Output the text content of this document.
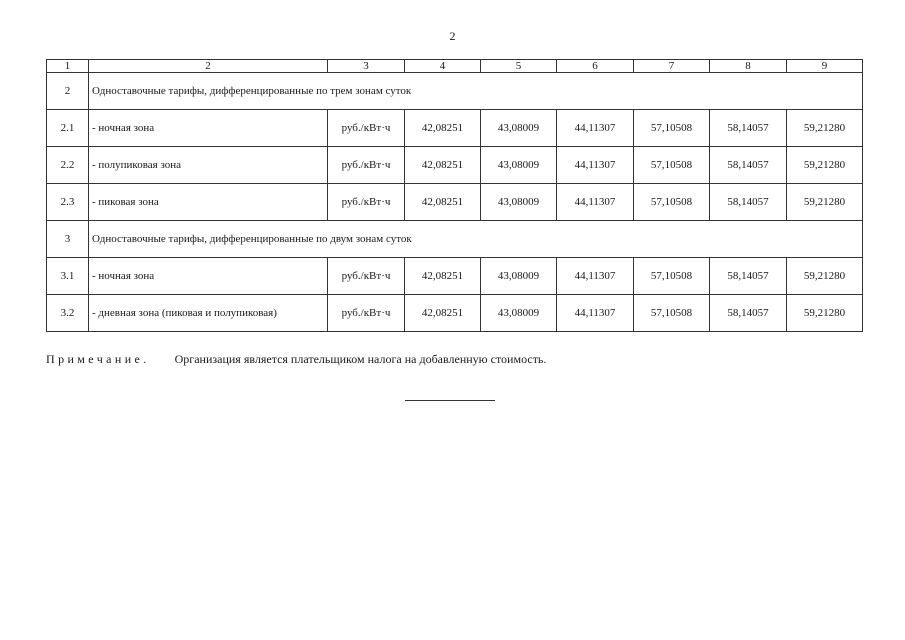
2
1	2	3	4	5	6	7	8	9
2	Одноставочные тарифы, дифференцированные по трем зонам суток							
2.1	- ночная зона	руб./кВт·ч	42,08251	43,08009	44,11307	57,10508	58,14057	59,21280
2.2	- полупиковая зона	руб./кВт·ч	42,08251	43,08009	44,11307	57,10508	58,14057	59,21280
2.3	- пиковая зона	руб./кВт·ч	42,08251	43,08009	44,11307	57,10508	58,14057	59,21280
3	Одноставочные тарифы, дифференцированные по двум зонам суток							
3.1	- ночная зона	руб./кВт·ч	42,08251	43,08009	44,11307	57,10508	58,14057	59,21280
3.2	- дневная зона (пиковая и полупиковая)	руб./кВт·ч	42,08251	43,08009	44,11307	57,10508	58,14057	59,21280
Примечание. Организация является плательщиком налога на добавленную стоимость.
